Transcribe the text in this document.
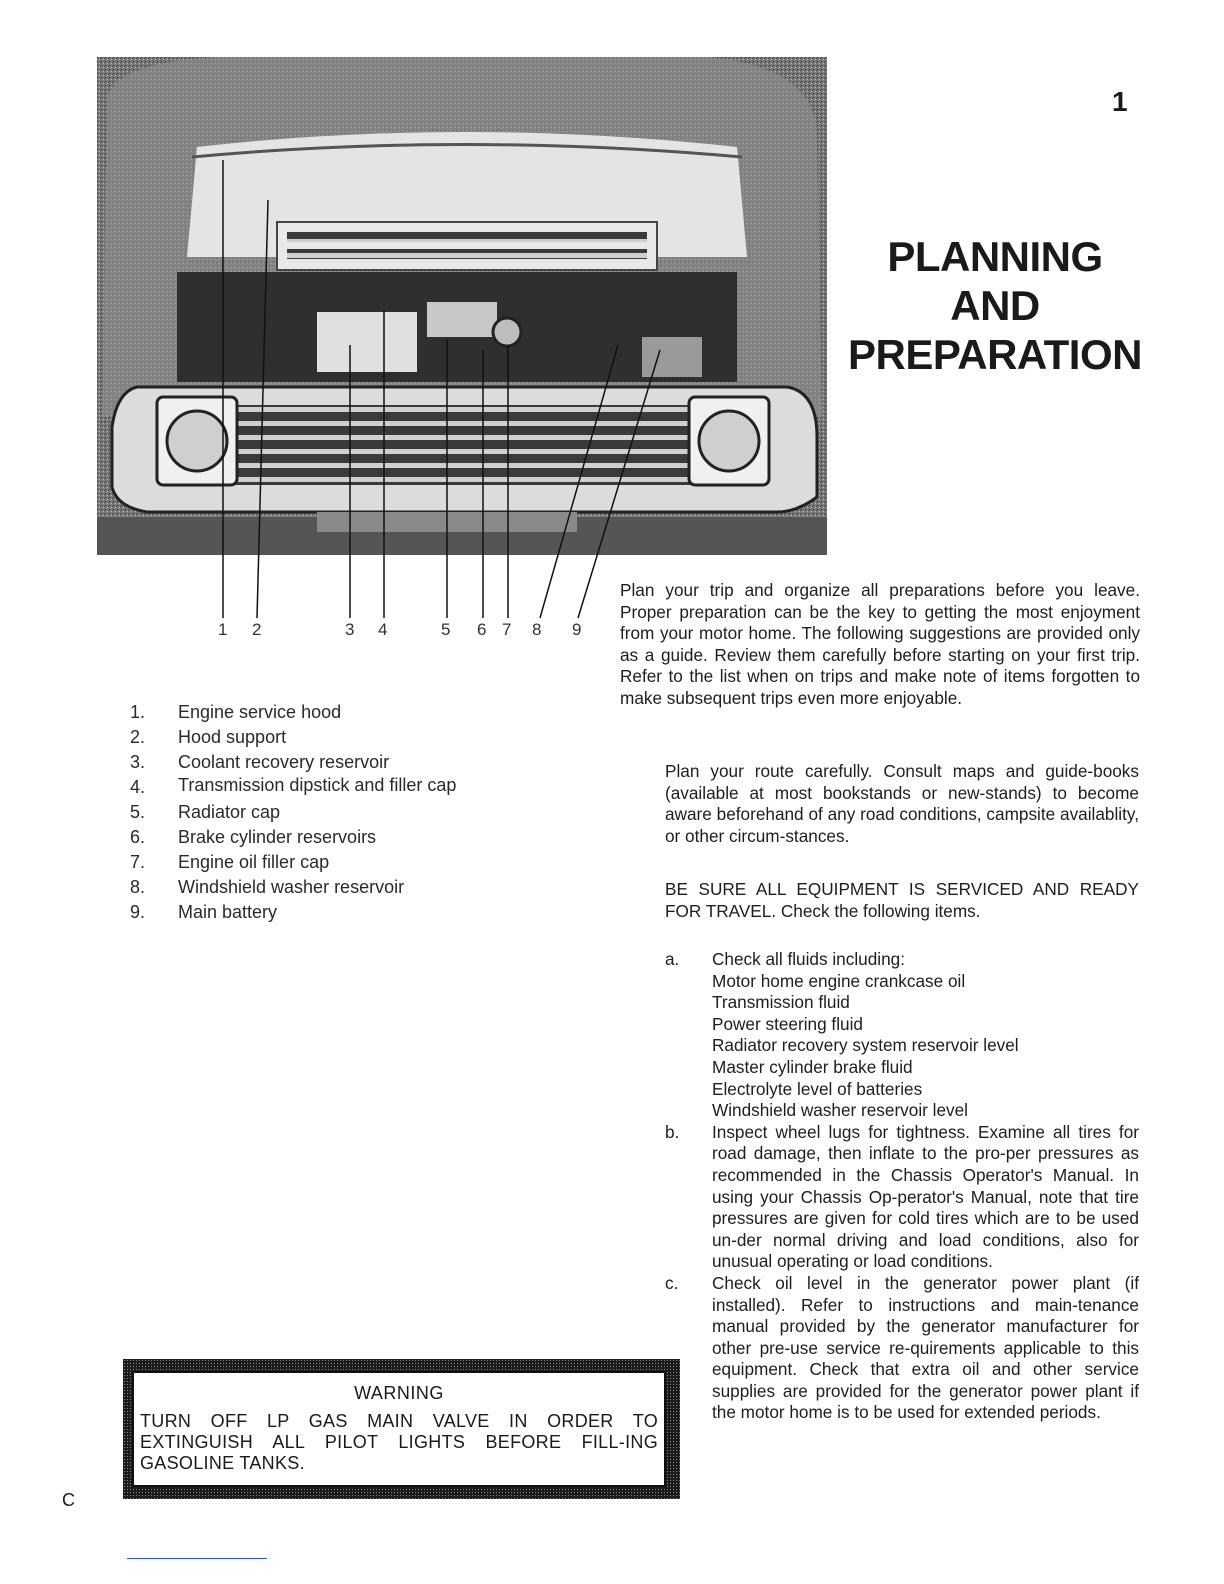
1
PLANNING
AND
PREPARATION
1 2	3 4	5 6 7 8 9
1.	Engine service hood
2.	Hood support
3.	Coolant recovery reservoir
4.	Transmission dipstick and filler cap
5.	Radiator cap
6.	Brake cylinder reservoirs
7.	Engine oil filler cap
8.	Windshield washer reservoir
9.	Main battery
Plan your trip and organize all preparations before you leave. Proper preparation can be the key to getting the most enjoyment from your motor home. The following suggestions are provided only as a guide. Review them carefully before starting on your first trip. Refer to the list when on trips and make note of items forgotten to make subsequent trips even more enjoyable.
Plan your route carefully. Consult maps and guide-books (available at most bookstands or new-stands) to become aware beforehand of any road conditions, campsite availablity, or other circum-stances.
BE SURE ALL EQUIPMENT IS SERVICED AND READY FOR TRAVEL. Check the following items.
a.	Check all fluids including:
Motor home engine crankcase oil
Transmission fluid
Power steering fluid
Radiator recovery system reservoir level
Master cylinder brake fluid
Electrolyte level of batteries
Windshield washer reservoir level
b.	Inspect wheel lugs for tightness. Examine all tires for road damage, then inflate to the pro-per pressures as recommended in the Chassis Operator's Manual. In using your Chassis Op-perator's Manual, note that tire pressures are given for cold tires which are to be used un-der normal driving and load conditions, also for unusual operating or load conditions.
c.	Check oil level in the generator power plant (if installed). Refer to instructions and main-tenance manual provided by the generator manufacturer for other pre-use service re-quirements applicable to this equipment. Check that extra oil and other service supplies are provided for the generator power plant if the motor home is to be used for extended periods.
WARNING
TURN OFF LP GAS MAIN VALVE IN ORDER TO EXTINGUISH ALL PILOT LIGHTS BEFORE FILL-ING GASOLINE TANKS.
C
